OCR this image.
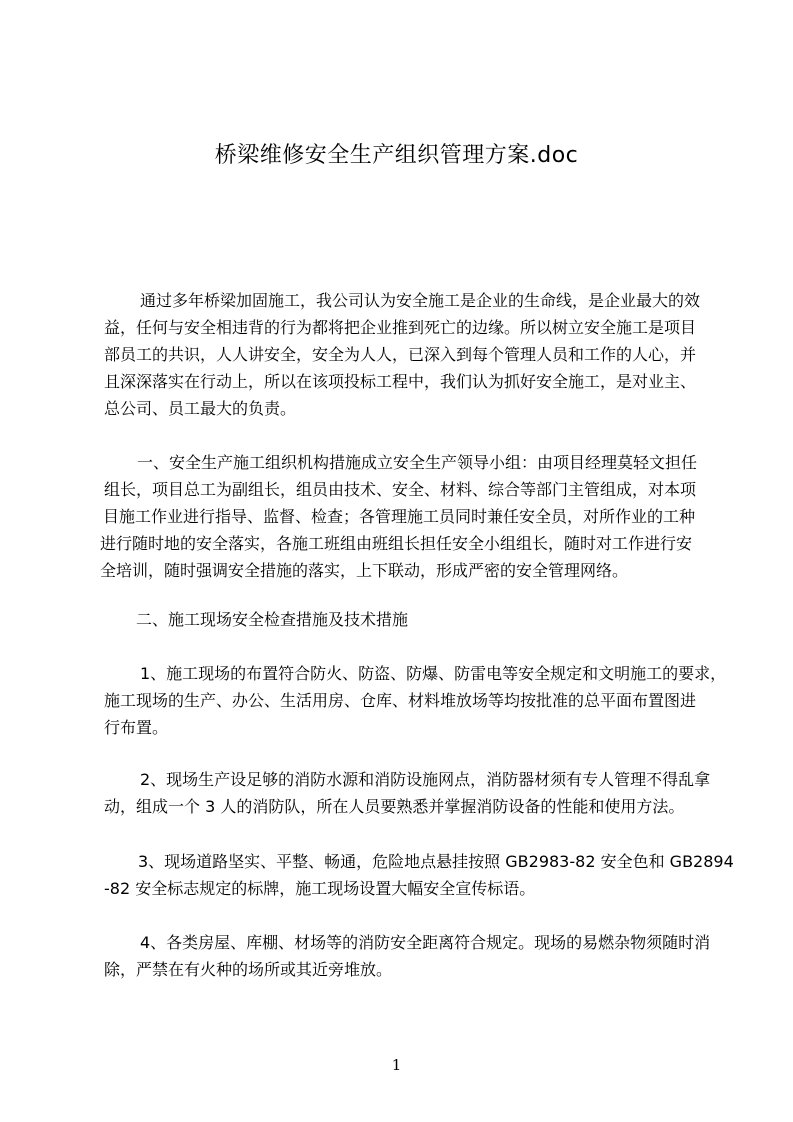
桥梁维修安全生产组织管理方案.doc
通过多年桥梁加固施工，我公司认为安全施工是企业的生命线，是企业最大的效
益，任何与安全相违背的行为都将把企业推到死亡的边缘。所以树立安全施工是项目
部员工的共识，人人讲安全，安全为人人，已深入到每个管理人员和工作的人心，并
且深深落实在行动上，所以在该项投标工程中，我们认为抓好安全施工，是对业主、
总公司、员工最大的负责。
一、安全生产施工组织机构措施成立安全生产领导小组：由项目经理莫轻文担任
组长，项目总工为副组长，组员由技术、安全、材料、综合等部门主管组成，对本项
目施工作业进行指导、监督、检查；各管理施工员同时兼任安全员，对所作业的工种
进行随时地的安全落实，各施工班组由班组长担任安全小组组长，随时对工作进行安
全培训，随时强调安全措施的落实，上下联动，形成严密的安全管理网络。
二、施工现场安全检查措施及技术措施
1、施工现场的布置符合防火、防盗、防爆、防雷电等安全规定和文明施工的要求，
施工现场的生产、办公、生活用房、仓库、材料堆放场等均按批准的总平面布置图进
行布置。
2、现场生产设足够的消防水源和消防设施网点，消防器材须有专人管理不得乱拿
动，组成一个 3 人的消防队，所在人员要熟悉并掌握消防设备的性能和使用方法。
3、现场道路坚实、平整、畅通，危险地点悬挂按照 GB2983-82 安全色和 GB2894
-82 安全标志规定的标牌，施工现场设置大幅安全宣传标语。
4、各类房屋、库棚、材场等的消防安全距离符合规定。现场的易燃杂物须随时消
除，严禁在有火种的场所或其近旁堆放。
1
